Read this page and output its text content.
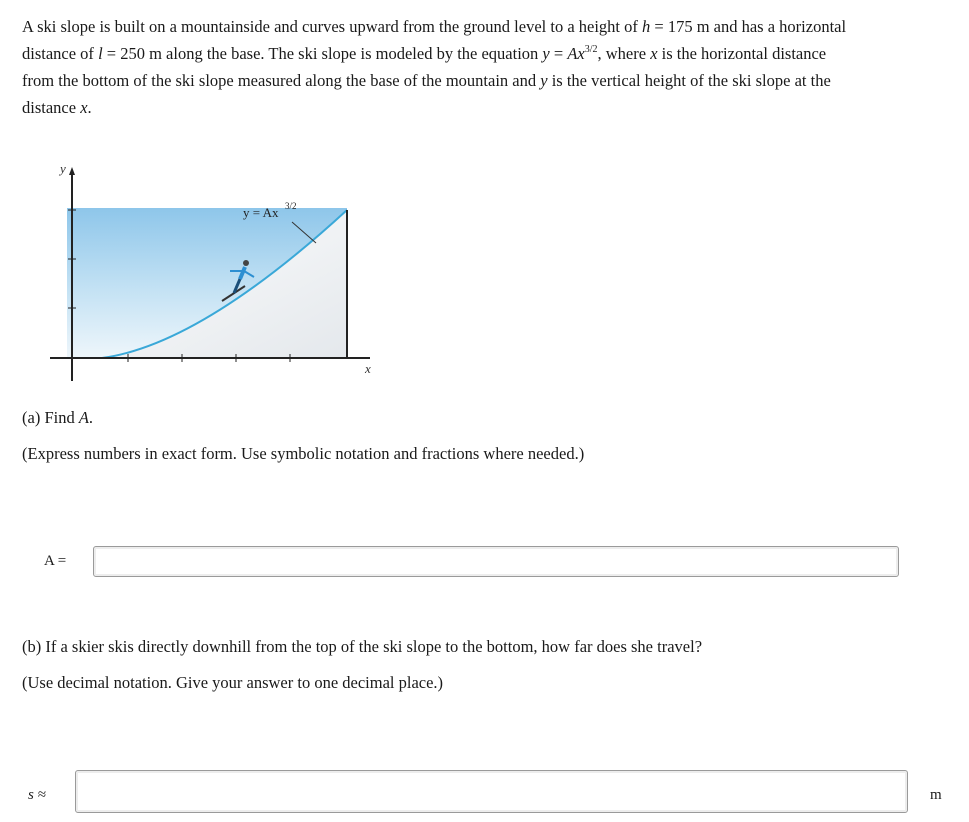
A ski slope is built on a mountainside and curves upward from the ground level to a height of h = 175 m and has a horizontal
distance of l = 250 m along the base. The ski slope is modeled by the equation $y = Ax^{3/2}$, where x is the horizontal distance
from the bottom of the ski slope measured along the base of the mountain and y is the vertical height of the ski slope at the
distance x.

y
x
y = Ax 3/2

(a) Find A.

(Express numbers in exact form. Use symbolic notation and fractions where needed.)

A =

(b) If a skier skis directly downhill from the top of the ski slope to the bottom, how far does she travel?

(Use decimal notation. Give your answer to one decimal place.)

s ≈	m
